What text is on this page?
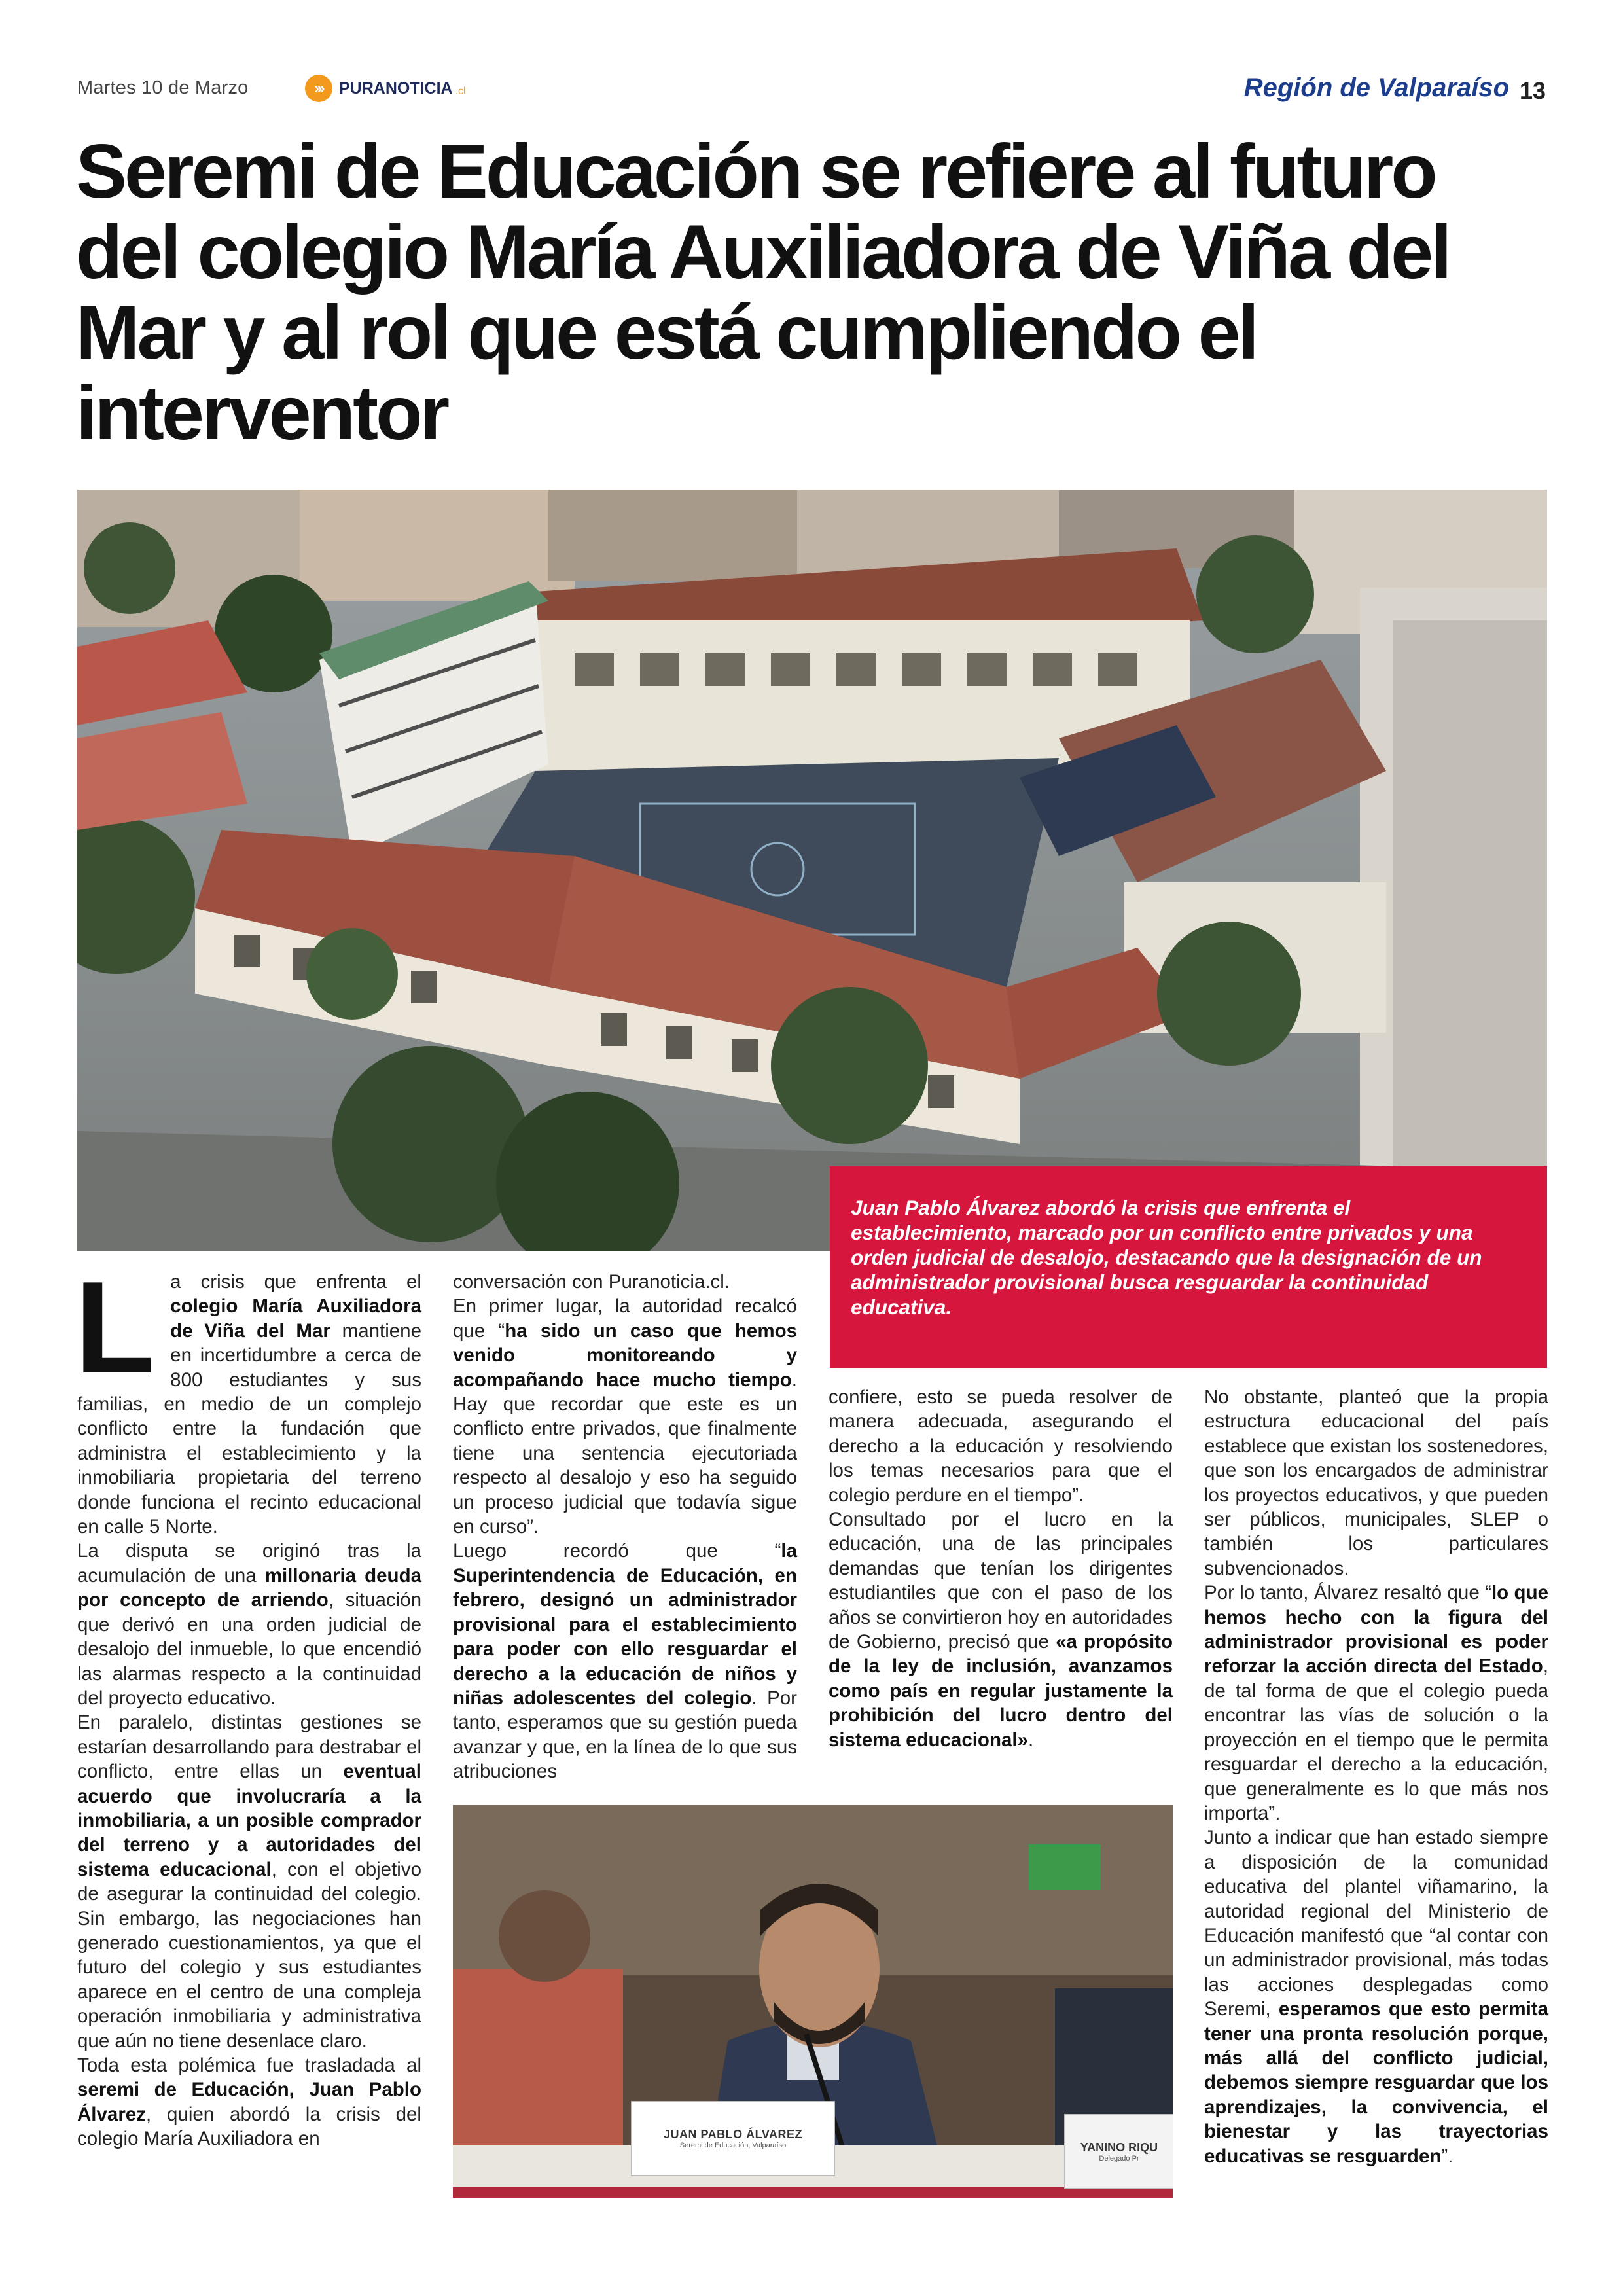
Martes 10 de Marzo	››› PURANOTICIA .cl	Región de Valparaíso 13
Seremi de Educación se refiere al futuro del colegio María Auxiliadora de Viña del Mar y al rol que está cumpliendo el interventor

Juan Pablo Álvarez abordó la crisis que enfrenta el establecimiento, marcado por un conflicto entre privados y una orden judicial de desalojo, destacando que la designación de un administrador provisional busca resguardar la continuidad educativa.

L a crisis que enfrenta el colegio María Auxiliadora de Viña del Mar mantiene en incertidumbre a cerca de 800 estudiantes y sus familias, en medio de un complejo conflicto entre la fundación que administra el establecimiento y la inmobiliaria propietaria del terreno donde funciona el recinto educacional en calle 5 Norte.

La disputa se originó tras la acumulación de una millonaria deuda por concepto de arriendo, situación que derivó en una orden judicial de desalojo del inmueble, lo que encendió las alarmas respecto a la continuidad del proyecto educativo.

En paralelo, distintas gestiones se estarían desarrollando para destrabar el conflicto, entre ellas un eventual acuerdo que involucraría a la inmobiliaria, a un posible comprador del terreno y a autoridades del sistema educacional, con el objetivo de asegurar la continuidad del colegio. Sin embargo, las negociaciones han generado cuestionamientos, ya que el futuro del colegio y sus estudiantes aparece en el centro de una compleja operación inmobiliaria y administrativa que aún no tiene desenlace claro.

Toda esta polémica fue trasladada al seremi de Educación, Juan Pablo Álvarez, quien abordó la crisis del colegio María Auxiliadora en

conversación con Puranoticia.cl.

En primer lugar, la autoridad recalcó que “ha sido un caso que hemos venido monitoreando y acompañando hace mucho tiempo. Hay que recordar que este es un conflicto entre privados, que finalmente tiene una sentencia ejecutoriada respecto al desalojo y eso ha seguido un proceso judicial que todavía sigue en curso”.

Luego recordó que “la Superintendencia de Educación, en febrero, designó un administrador provisional para el establecimiento para poder con ello resguardar el derecho a la educación de niños y niñas adolescentes del colegio. Por tanto, esperamos que su gestión pueda avanzar y que, en la línea de lo que sus atribuciones

confiere, esto se pueda resolver de manera adecuada, asegurando el derecho a la educación y resolviendo los temas necesarios para que el colegio perdure en el tiempo”.

Consultado por el lucro en la educación, una de las principales demandas que tenían los dirigentes estudiantiles que con el paso de los años se convirtieron hoy en autoridades de Gobierno, precisó que «a propósito de la ley de inclusión, avanzamos como país en regular justamente la prohibición del lucro dentro del sistema educacional».

No obstante, planteó que la propia estructura educacional del país establece que existan los sostenedores, que son los encargados de administrar los proyectos educativos, y que pueden ser públicos, municipales, SLEP o también los particulares subvencionados.

Por lo tanto, Álvarez resaltó que “lo que hemos hecho con la figura del administrador provisional es poder reforzar la acción directa del Estado, de tal forma de que el colegio pueda encontrar las vías de solución o la proyección en el tiempo que le permita resguardar el derecho a la educación, que generalmente es lo que más nos importa”.

Junto a indicar que han estado siempre a disposición de la comunidad educativa del plantel viñamarino, la autoridad regional del Ministerio de Educación manifestó que “al contar con un administrador provisional, más todas las acciones desplegadas como Seremi, esperamos que esto permita tener una pronta resolución porque, más allá del conflicto judicial, debemos siempre resguardar que los aprendizajes, la convivencia, el bienestar y las trayectorias educativas se resguarden”.

JUAN PABLO ÁLVAREZ
Seremi de Educación, Valparaíso	YANINO RIQU
Delegado Pr
